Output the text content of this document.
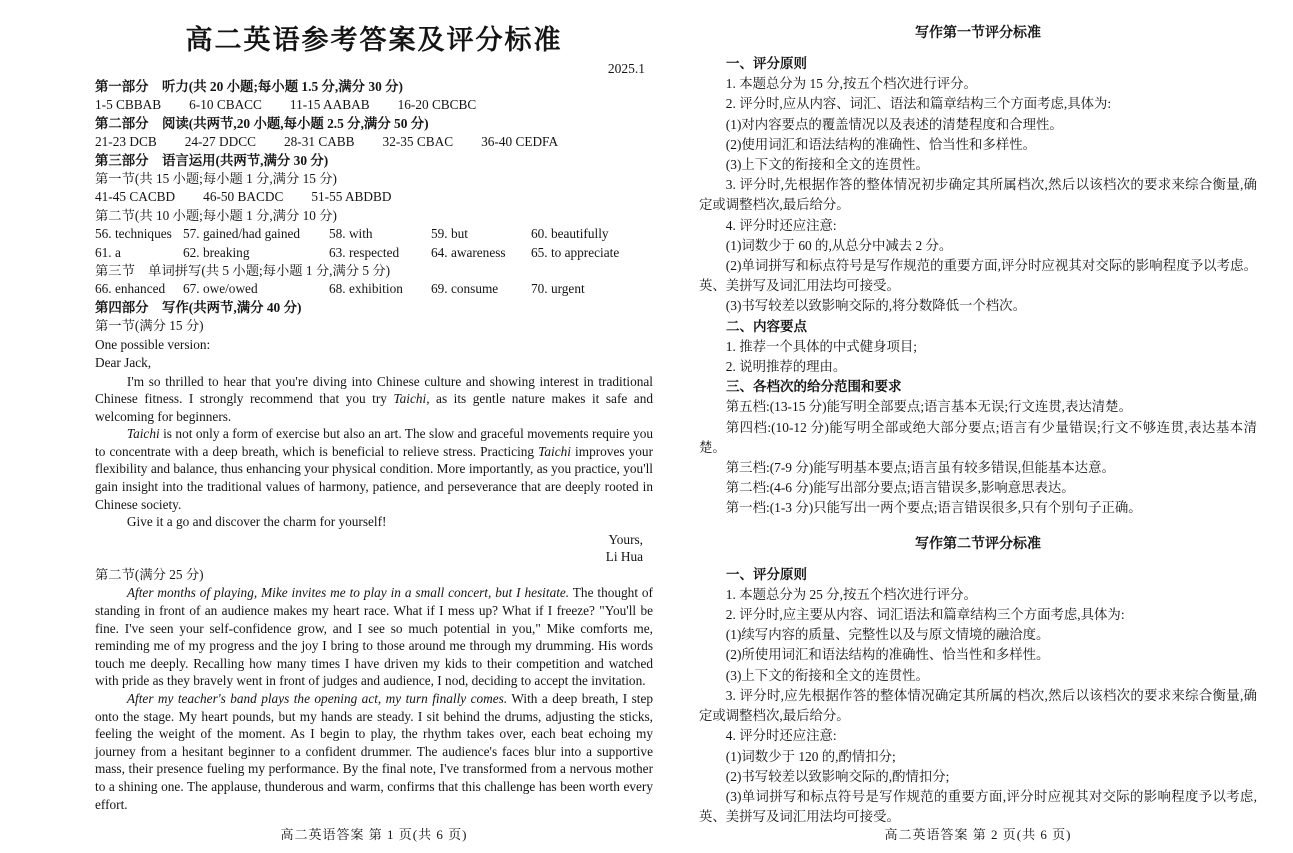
高二英语参考答案及评分标准
2025.1
第一部分　听力(共 20 小题;每小题 1.5 分,满分 30 分)
1-5 CBBAB 6-10 CBACC 11-15 AABAB 16-20 CBCBC
第二部分　阅读(共两节,20 小题,每小题 2.5 分,满分 50 分)
21-23 DCB 24-27 DDCC 28-31 CABB 32-35 CBAC 36-40 CEDFA
第三部分　语言运用(共两节,满分 30 分)
第一节(共 15 小题;每小题 1 分,满分 15 分)
41-45 CACBD 46-50 BACDC 51-55 ABDBD
第二节(共 10 小题;每小题 1 分,满分 10 分)
56. techniques 57. gained/had gained	58. with	59. but	60. beautifully
61. a	62. breaking	63. respected	64. awareness	65. to appreciate
第三节　单词拼写(共 5 小题;每小题 1 分,满分 5 分)
66. enhanced	67. owe/owed	68. exhibition	69. consume	70. urgent
第四部分　写作(共两节,满分 40 分)
第一节(满分 15 分)
One possible version:
Dear Jack,

I'm so thrilled to hear that you're diving into Chinese culture and showing interest in traditional Chinese fitness. I strongly recommend that you try Taichi, as its gentle nature makes it safe and welcoming for beginners.

Taichi is not only a form of exercise but also an art. The slow and graceful movements require you to concentrate with a deep breath, which is beneficial to relieve stress. Practicing Taichi improves your flexibility and balance, thus enhancing your physical condition. More importantly, as you practice, you'll gain insight into the traditional values of harmony, patience, and perseverance that are deeply rooted in Chinese society.

Give it a go and discover the charm for yourself!

Yours,
Li Hua
第二节(满分 25 分)

After months of playing, Mike invites me to play in a small concert, but I hesitate. The thought of standing in front of an audience makes my heart race. What if I mess up? What if I freeze? "You'll be fine. I've seen your self-confidence grow, and I see so much potential in you," Mike comforts me, reminding me of my progress and the joy I bring to those around me through my drumming. His words touch me deeply. Recalling how many times I have driven my kids to their competition and watched with pride as they bravely went in front of judges and audience, I nod, deciding to accept the invitation.

After my teacher's band plays the opening act, my turn finally comes. With a deep breath, I step onto the stage. My heart pounds, but my hands are steady. I sit behind the drums, adjusting the sticks, feeling the weight of the moment. As I begin to play, the rhythm takes over, each beat echoing my journey from a hesitant beginner to a confident drummer. The audience's faces blur into a supportive mass, their presence fueling my performance. By the final note, I've transformed from a nervous mother to a shining one. The applause, thunderous and warm, confirms that this challenge has been worth every effort.

高二英语答案 第 1 页(共 6 页)
写作第一节评分标准
一、评分原则
1. 本题总分为 15 分,按五个档次进行评分。
2. 评分时,应从内容、词汇、语法和篇章结构三个方面考虑,具体为:
(1)对内容要点的覆盖情况以及表述的清楚程度和合理性。
(2)使用词汇和语法结构的准确性、恰当性和多样性。
(3)上下文的衔接和全文的连贯性。
3. 评分时,先根据作答的整体情况初步确定其所属档次,然后以该档次的要求来综合衡量,确定或调整档次,最后给分。
4. 评分时还应注意:
(1)词数少于 60 的,从总分中减去 2 分。
(2)单词拼写和标点符号是写作规范的重要方面,评分时应视其对交际的影响程度予以考虑。英、美拼写及词汇用法均可接受。
(3)书写较差以致影响交际的,将分数降低一个档次。
二、内容要点
1. 推荐一个具体的中式健身项目;
2. 说明推荐的理由。
三、各档次的给分范围和要求
第五档:(13-15 分)能写明全部要点;语言基本无误;行文连贯,表达清楚。
第四档:(10-12 分)能写明全部或绝大部分要点;语言有少量错误;行文不够连贯,表达基本清楚。
第三档:(7-9 分)能写明基本要点;语言虽有较多错误,但能基本达意。
第二档:(4-6 分)能写出部分要点;语言错误多,影响意思表达。
第一档:(1-3 分)只能写出一两个要点;语言错误很多,只有个别句子正确。
写作第二节评分标准
一、评分原则
1. 本题总分为 25 分,按五个档次进行评分。
2. 评分时,应主要从内容、词汇语法和篇章结构三个方面考虑,具体为:
(1)续写内容的质量、完整性以及与原文情境的融洽度。
(2)所使用词汇和语法结构的准确性、恰当性和多样性。
(3)上下文的衔接和全文的连贯性。
3. 评分时,应先根据作答的整体情况确定其所属的档次,然后以该档次的要求来综合衡量,确定或调整档次,最后给分。
4. 评分时还应注意:
(1)词数少于 120 的,酌情扣分;
(2)书写较差以致影响交际的,酌情扣分;
(3)单词拼写和标点符号是写作规范的重要方面,评分时应视其对交际的影响程度予以考虑,英、美拼写及词汇用法均可接受。
高二英语答案 第 2 页(共 6 页)
